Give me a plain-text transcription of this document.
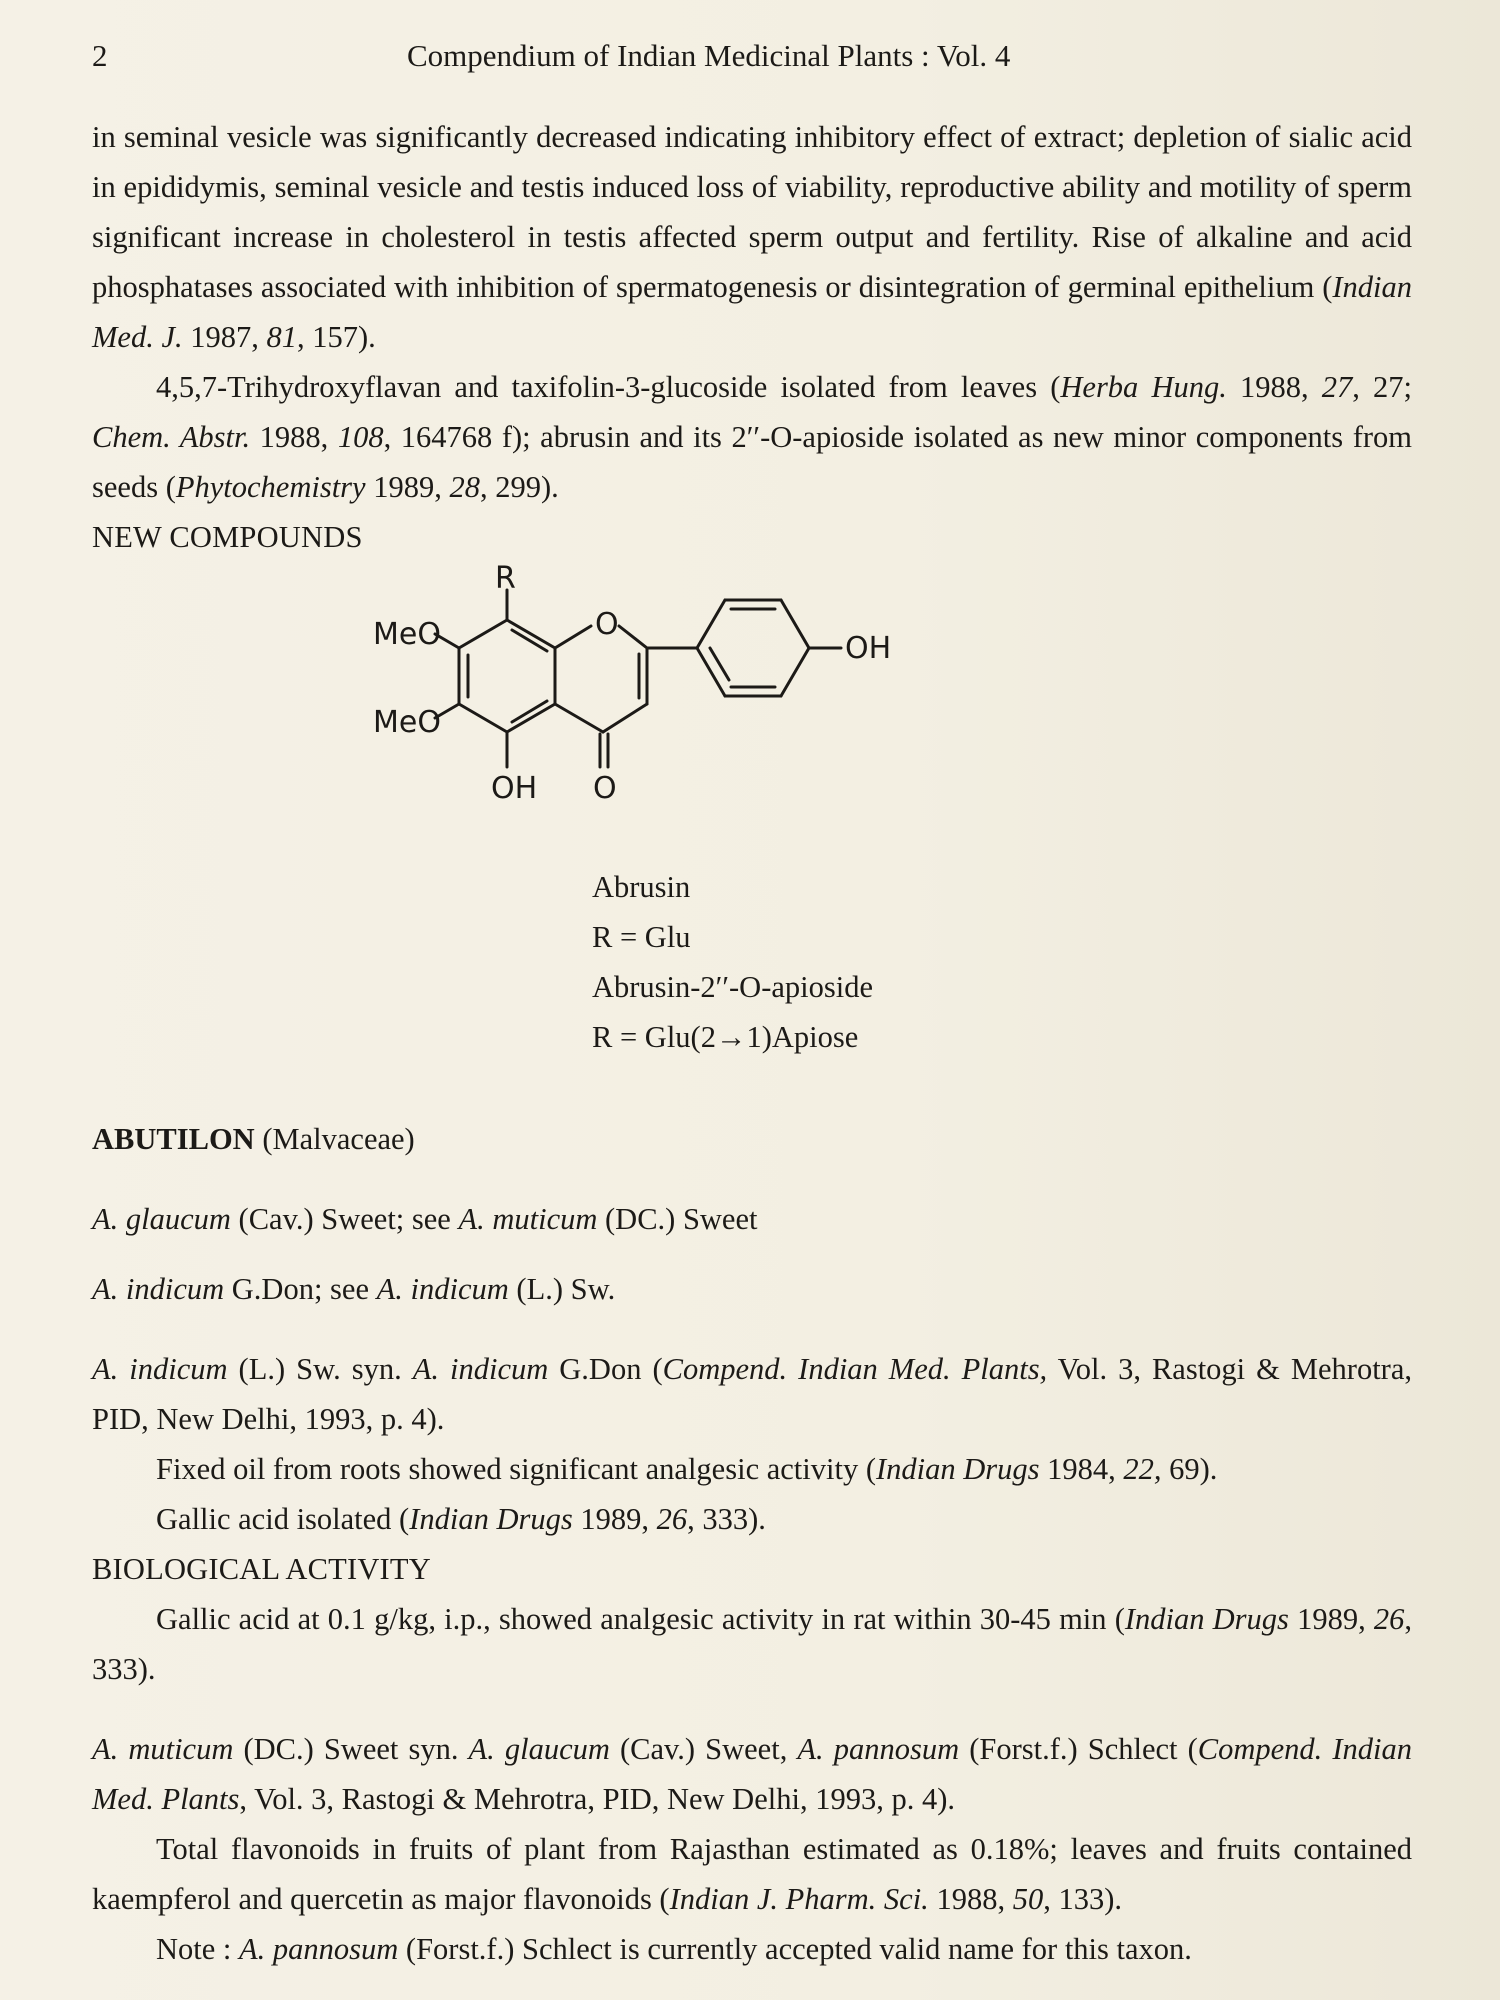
2	Compendium of Indian Medicinal Plants : Vol. 4

in seminal vesicle was significantly decreased indicating inhibitory effect of extract; depletion of sialic acid in epididymis, seminal vesicle and testis induced loss of viability, reproductive ability and motility of sperm significant increase in cholesterol in testis affected sperm output and fertility. Rise of alkaline and acid phosphatases associated with inhibition of spermatogenesis or disintegration of germinal epithelium (Indian Med. J. 1987, 81, 157).

4,5,7-Trihydroxyflavan and taxifolin-3-glucoside isolated from leaves (Herba Hung. 1988, 27, 27; Chem. Abstr. 1988, 108, 164768 f); abrusin and its 2′′-O-apioside isolated as new minor components from seeds (Phytochemistry 1989, 28, 299).

NEW COMPOUNDS

R
MeO
MeO
O
OH
OH O
Abrusin
R = Glu
Abrusin-2′′-O-apioside
R = Glu(2→1)Apiose

ABUTILON (Malvaceae)

A. glaucum (Cav.) Sweet; see A. muticum (DC.) Sweet

A. indicum G.Don; see A. indicum (L.) Sw.

A. indicum (L.) Sw. syn. A. indicum G.Don (Compend. Indian Med. Plants, Vol. 3, Rastogi & Mehrotra, PID, New Delhi, 1993, p. 4).

Fixed oil from roots showed significant analgesic activity (Indian Drugs 1984, 22, 69).

Gallic acid isolated (Indian Drugs 1989, 26, 333).

BIOLOGICAL ACTIVITY

Gallic acid at 0.1 g/kg, i.p., showed analgesic activity in rat within 30-45 min (Indian Drugs 1989, 26, 333).

A. muticum (DC.) Sweet syn. A. glaucum (Cav.) Sweet, A. pannosum (Forst.f.) Schlect (Compend. Indian Med. Plants, Vol. 3, Rastogi & Mehrotra, PID, New Delhi, 1993, p. 4).

Total flavonoids in fruits of plant from Rajasthan estimated as 0.18%; leaves and fruits contained kaempferol and quercetin as major flavonoids (Indian J. Pharm. Sci. 1988, 50, 133).

Note : A. pannosum (Forst.f.) Schlect is currently accepted valid name for this taxon.
